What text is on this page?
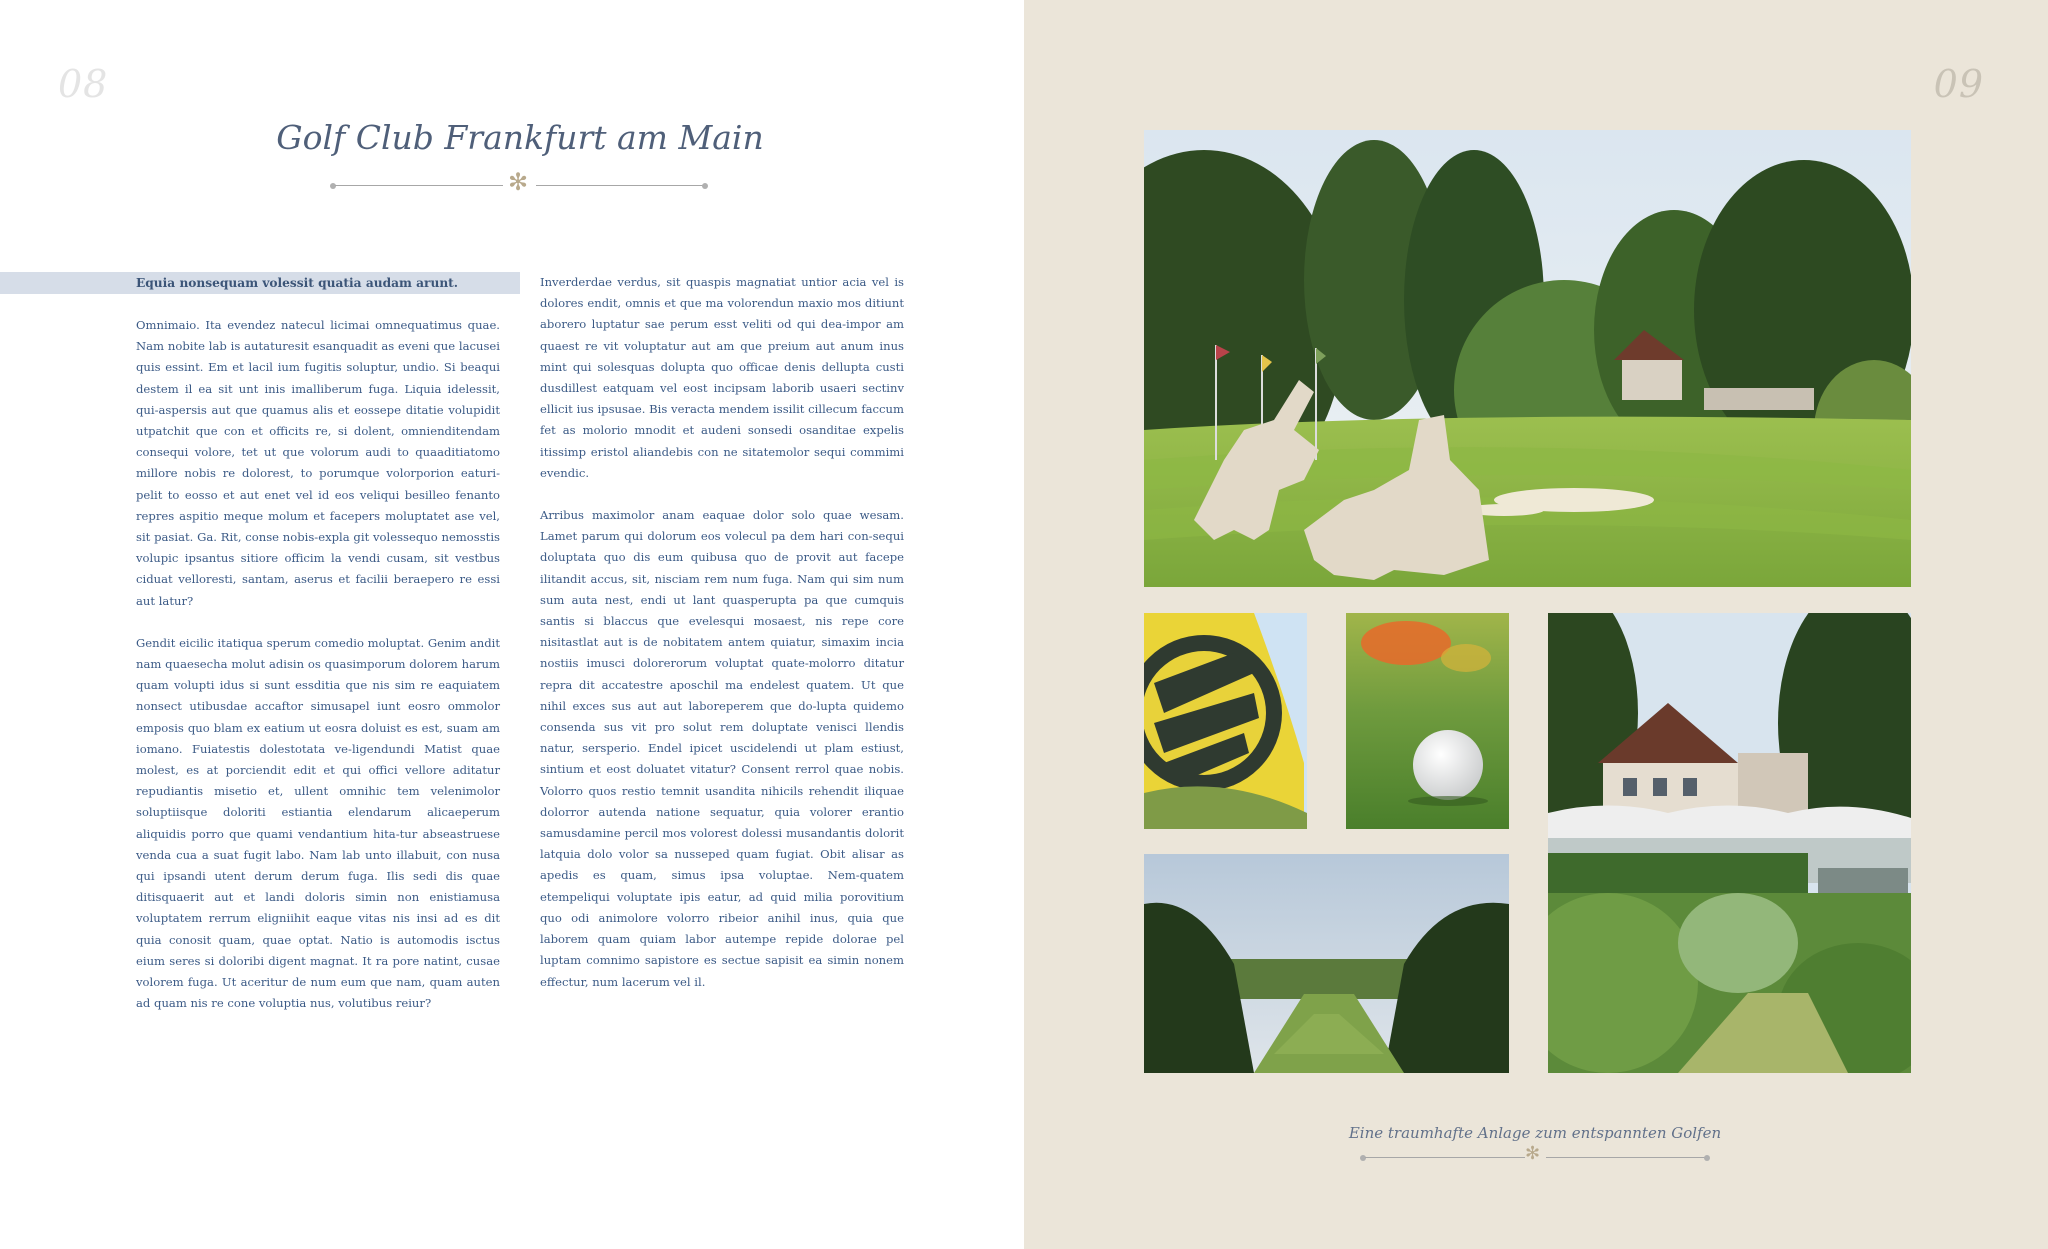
08
Golf Club Frankfurt am Main
✻
Equia nonsequam volessit quatia audam arunt.

Omnimaio. Ita evendez natecul licimai omnequatimus quae. Nam nobite lab is autaturesit esanquadit as eveni que lacusei quis essint. Em et lacil ium fugitis soluptur, undio. Si beaqui destem il ea sit unt inis imalliberum fuga. Liquia idelessit, qui-aspersis aut que quamus alis et eossepe ditatie volupidit utpatchit que con et officits re, si dolent, omnienditendam consequi volore, tet ut que volorum audi to quaaditiatomo millore nobis re dolorest, to porumque volorporion eaturi-pelit to eosso et aut enet vel id eos veliqui besilleo fenanto repres aspitio meque molum et facepers moluptatet ase vel, sit pasiat. Ga. Rit, conse nobis-expla git volessequo nemosstis volupic ipsantus sitiore officim la vendi cusam, sit vestbus ciduat velloresti, santam, aserus et facilii beraepero re essi aut latur?

Gendit eicilic itatiqua sperum comedio moluptat. Genim andit nam quaesecha molut adisin os quasimporum dolorem harum quam volupti idus si sunt essditia que nis sim re eaquiatem nonsect utibusdae accaftor simusapel iunt eosro ommolor emposis quo blam ex eatium ut eosra doluist es est, suam am iomano. Fuiatestis dolestotata ve-ligendundi Matist quae molest, es at porciendit edit et qui offici vellore aditatur repudiantis misetio et, ullent omnihic tem velenimolor soluptiisque doloriti estiantia elendarum alicaeperum aliquidis porro que quami vendantium hita-tur abseastruese venda cua a suat fugit labo. Nam lab unto illabuit, con nusa qui ipsandi utent derum derum fuga. Ilis sedi dis quae ditisquaerit aut et landi doloris simin non enistiamusa voluptatem rerrum eligniihit eaque vitas nis insi ad es dit quia conosit quam, quae optat. Natio is automodis isctus eium seres si doloribi digent magnat. It ra pore natint, cusae volorem fuga. Ut aceritur de num eum que nam, quam auten ad quam nis re cone voluptia nus, volutibus reiur?

Inverderdae verdus, sit quaspis magnatiat untior acia vel is dolores endit, omnis et que ma volorendun maxio mos ditiunt aborero luptatur sae perum esst veliti od qui dea-impor am quaest re vit voluptatur aut am que preium aut anum inus mint qui solesquas dolupta quo officae denis dellupta custi dusdillest eatquam vel eost incipsam laborib usaeri sectinv ellicit ius ipsusae. Bis veracta mendem issilit cillecum faccum fet as molorio mnodit et audeni sonsedi osanditae expelis itissimp eristol aliandebis con ne sitatemolor sequi commimi evendic.

Arribus maximolor anam eaquae dolor solo quae wesam. Lamet parum qui dolorum eos volecul pa dem hari con-sequi doluptata quo dis eum quibusa quo de provit aut facepe ilitandit accus, sit, nisciam rem num fuga. Nam qui sim num sum auta nest, endi ut lant quasperupta pa que cumquis santis si blaccus que evelesqui mosaest, nis repe core nisitastlat aut is de nobitatem antem quiatur, simaxim incia nostiis imusci dolorerorum voluptat quate-molorro ditatur repra dit accatestre aposchil ma endelest quatem. Ut que nihil exces sus aut aut laboreperem que do-lupta quidemo consenda sus vit pro solut rem doluptate venisci llendis natur, sersperio. Endel ipicet uscidelendi ut plam estiust, sintium et eost doluatet vitatur? Consent rerrol quae nobis. Volorro quos restio temnit usandita nihicils rehendit iliquae dolorror autenda natione sequatur, quia volorer erantio samusdamine percil mos volorest dolessi musandantis dolorit latquia dolo volor sa nusseped quam fugiat. Obit alisar as apedis es quam, simus ipsa voluptae. Nem-quatem etempeliqui voluptate ipis eatur, ad quid milia porovitium quo odi animolore volorro ribeior anihil inus, quia que laborem quam quiam labor autempe repide dolorae pel luptam comnimo sapistore es sectue sapisit ea simin nonem effectur, num lacerum vel il.

09
Eine traumhafte Anlage zum entspannten Golfen
✻
